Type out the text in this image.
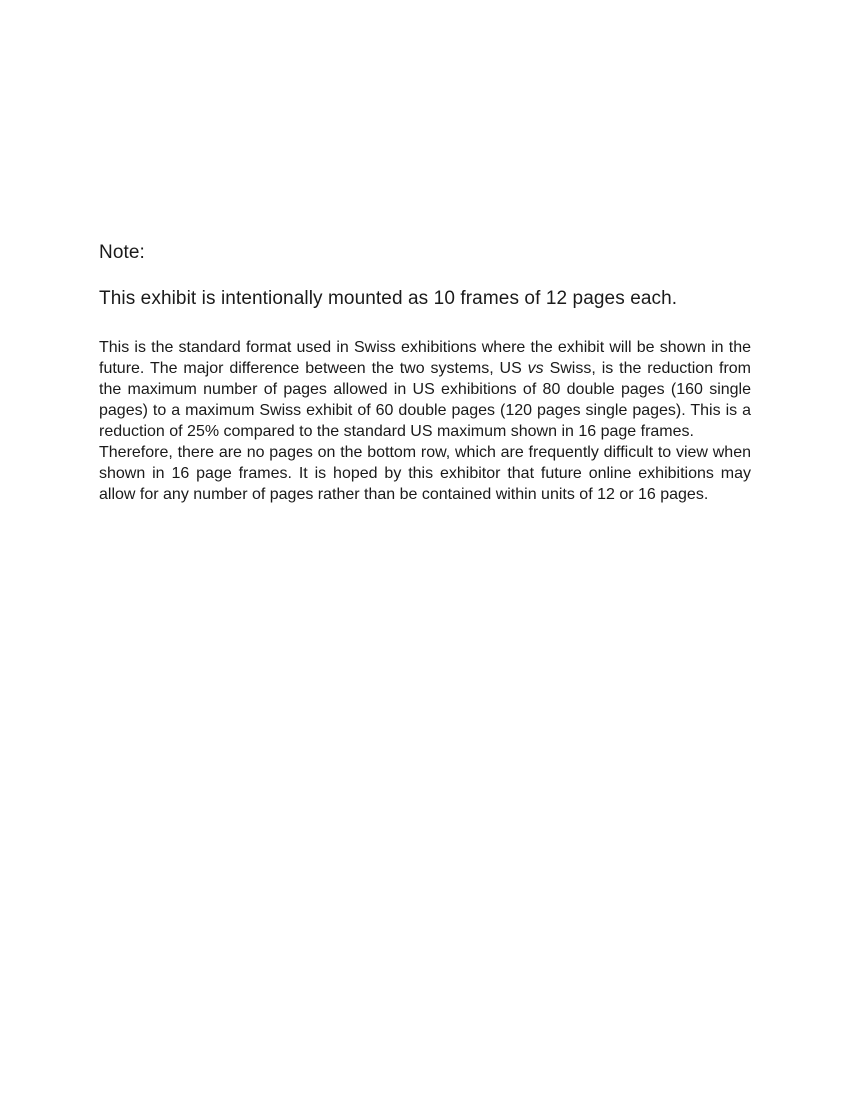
Note:
This exhibit is intentionally mounted as 10 frames of 12 pages each.

This is the standard format used in Swiss exhibitions where the exhibit will be shown in the future. The major difference between the two systems, US vs Swiss, is the reduction from the maximum number of pages allowed in US exhibitions of 80 double pages (160 single pages) to a maximum Swiss exhibit of 60 double pages (120 pages single pages). This is a reduction of 25% compared to the standard US maximum shown in 16 page frames.

Therefore, there are no pages on the bottom row, which are frequently difficult to view when shown in 16 page frames. It is hoped by this exhibitor that future online exhibitions may allow for any number of pages rather than be contained within units of 12 or 16 pages.
